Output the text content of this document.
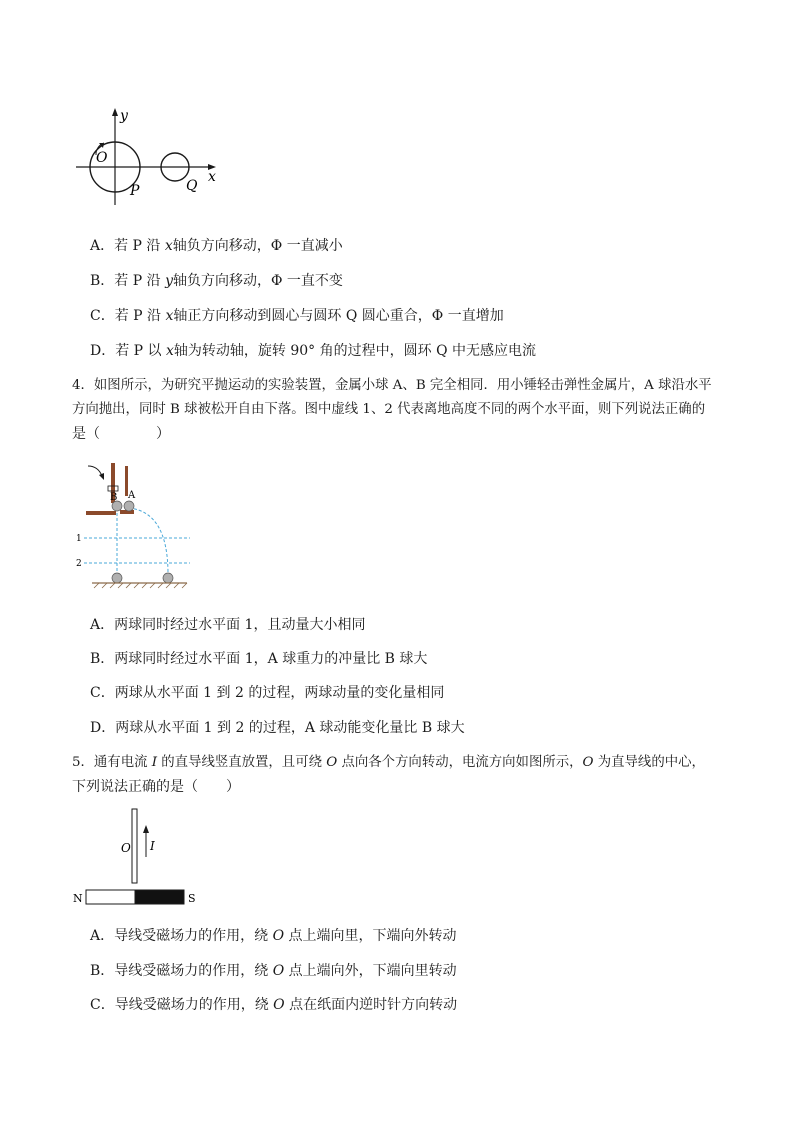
y
x
O
P	Q
A．若 P 沿 x轴负方向移动，Φ 一直减小
B．若 P 沿 y轴负方向移动，Φ 一直不变
C．若 P 沿 x轴正方向移动到圆心与圆环 Q 圆心重合，Φ 一直增加
D．若 P 以 x轴为转动轴，旋转 90° 角的过程中，圆环 Q 中无感应电流
4．如图所示，为研究平抛运动的实验装置，金属小球 A、B 完全相同．用小锤轻击弹性金属片，A 球沿水平
方向抛出，同时 B 球被松开自由下落。图中虚线 1、2 代表离地高度不同的两个水平面，则下列说法正确的
是（　　　　）
B A
1
2
A．两球同时经过水平面 1，且动量大小相同
B．两球同时经过水平面 1，A 球重力的冲量比 B 球大
C．两球从水平面 1 到 2 的过程，两球动量的变化量相同
D．两球从水平面 1 到 2 的过程，A 球动能变化量比 B 球大
5．通有电流 I 的直导线竖直放置，且可绕 O 点向各个方向转动，电流方向如图所示，O 为直导线的中心，
下列说法正确的是（　　）
O I
N	S
A．导线受磁场力的作用，绕 O 点上端向里，下端向外转动
B．导线受磁场力的作用，绕 O 点上端向外，下端向里转动
C．导线受磁场力的作用，绕 O 点在纸面内逆时针方向转动
